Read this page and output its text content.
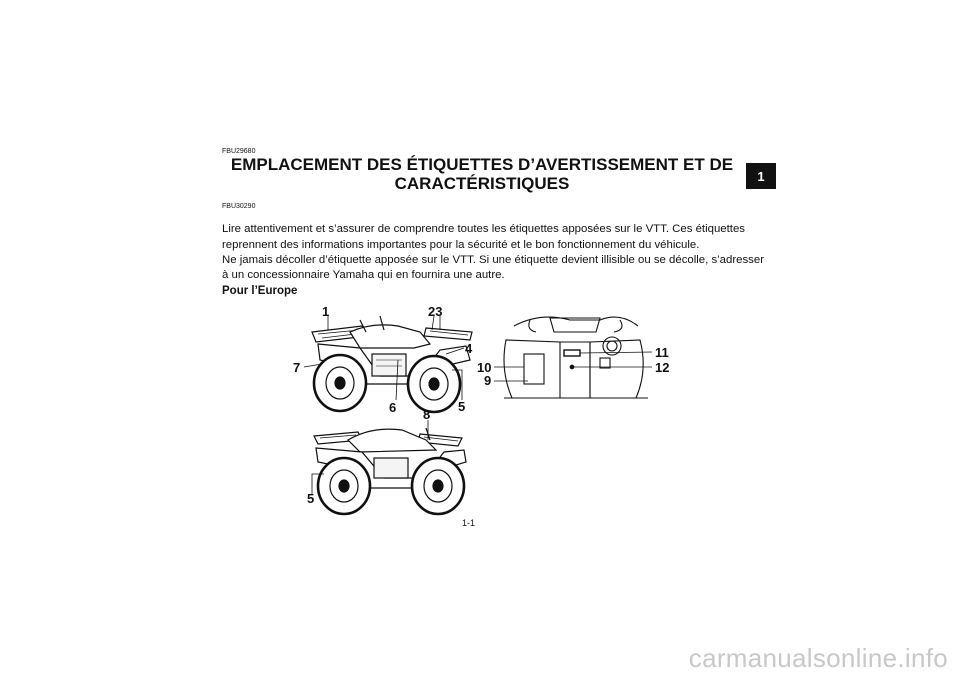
1
FBU29680
EMPLACEMENT DES ÉTIQUETTES D’AVERTISSEMENT ET DE
CARACTÉRISTIQUES
FBU30290
Lire attentivement et s’assurer de comprendre toutes les étiquettes apposées sur le VTT. Ces étiquettes
reprennent des informations importantes pour la sécurité et le bon fonctionnement du véhicule.
Ne jamais décoller d’étiquette apposée sur le VTT. Si une étiquette devient illisible ou se décolle, s’adresser
à un concessionnaire Yamaha qui en fournira une autre.
Pour l’Europe
1	23
4
7
6	5
8
5
10
9
11
12
1-1
carmanualsonline.info
